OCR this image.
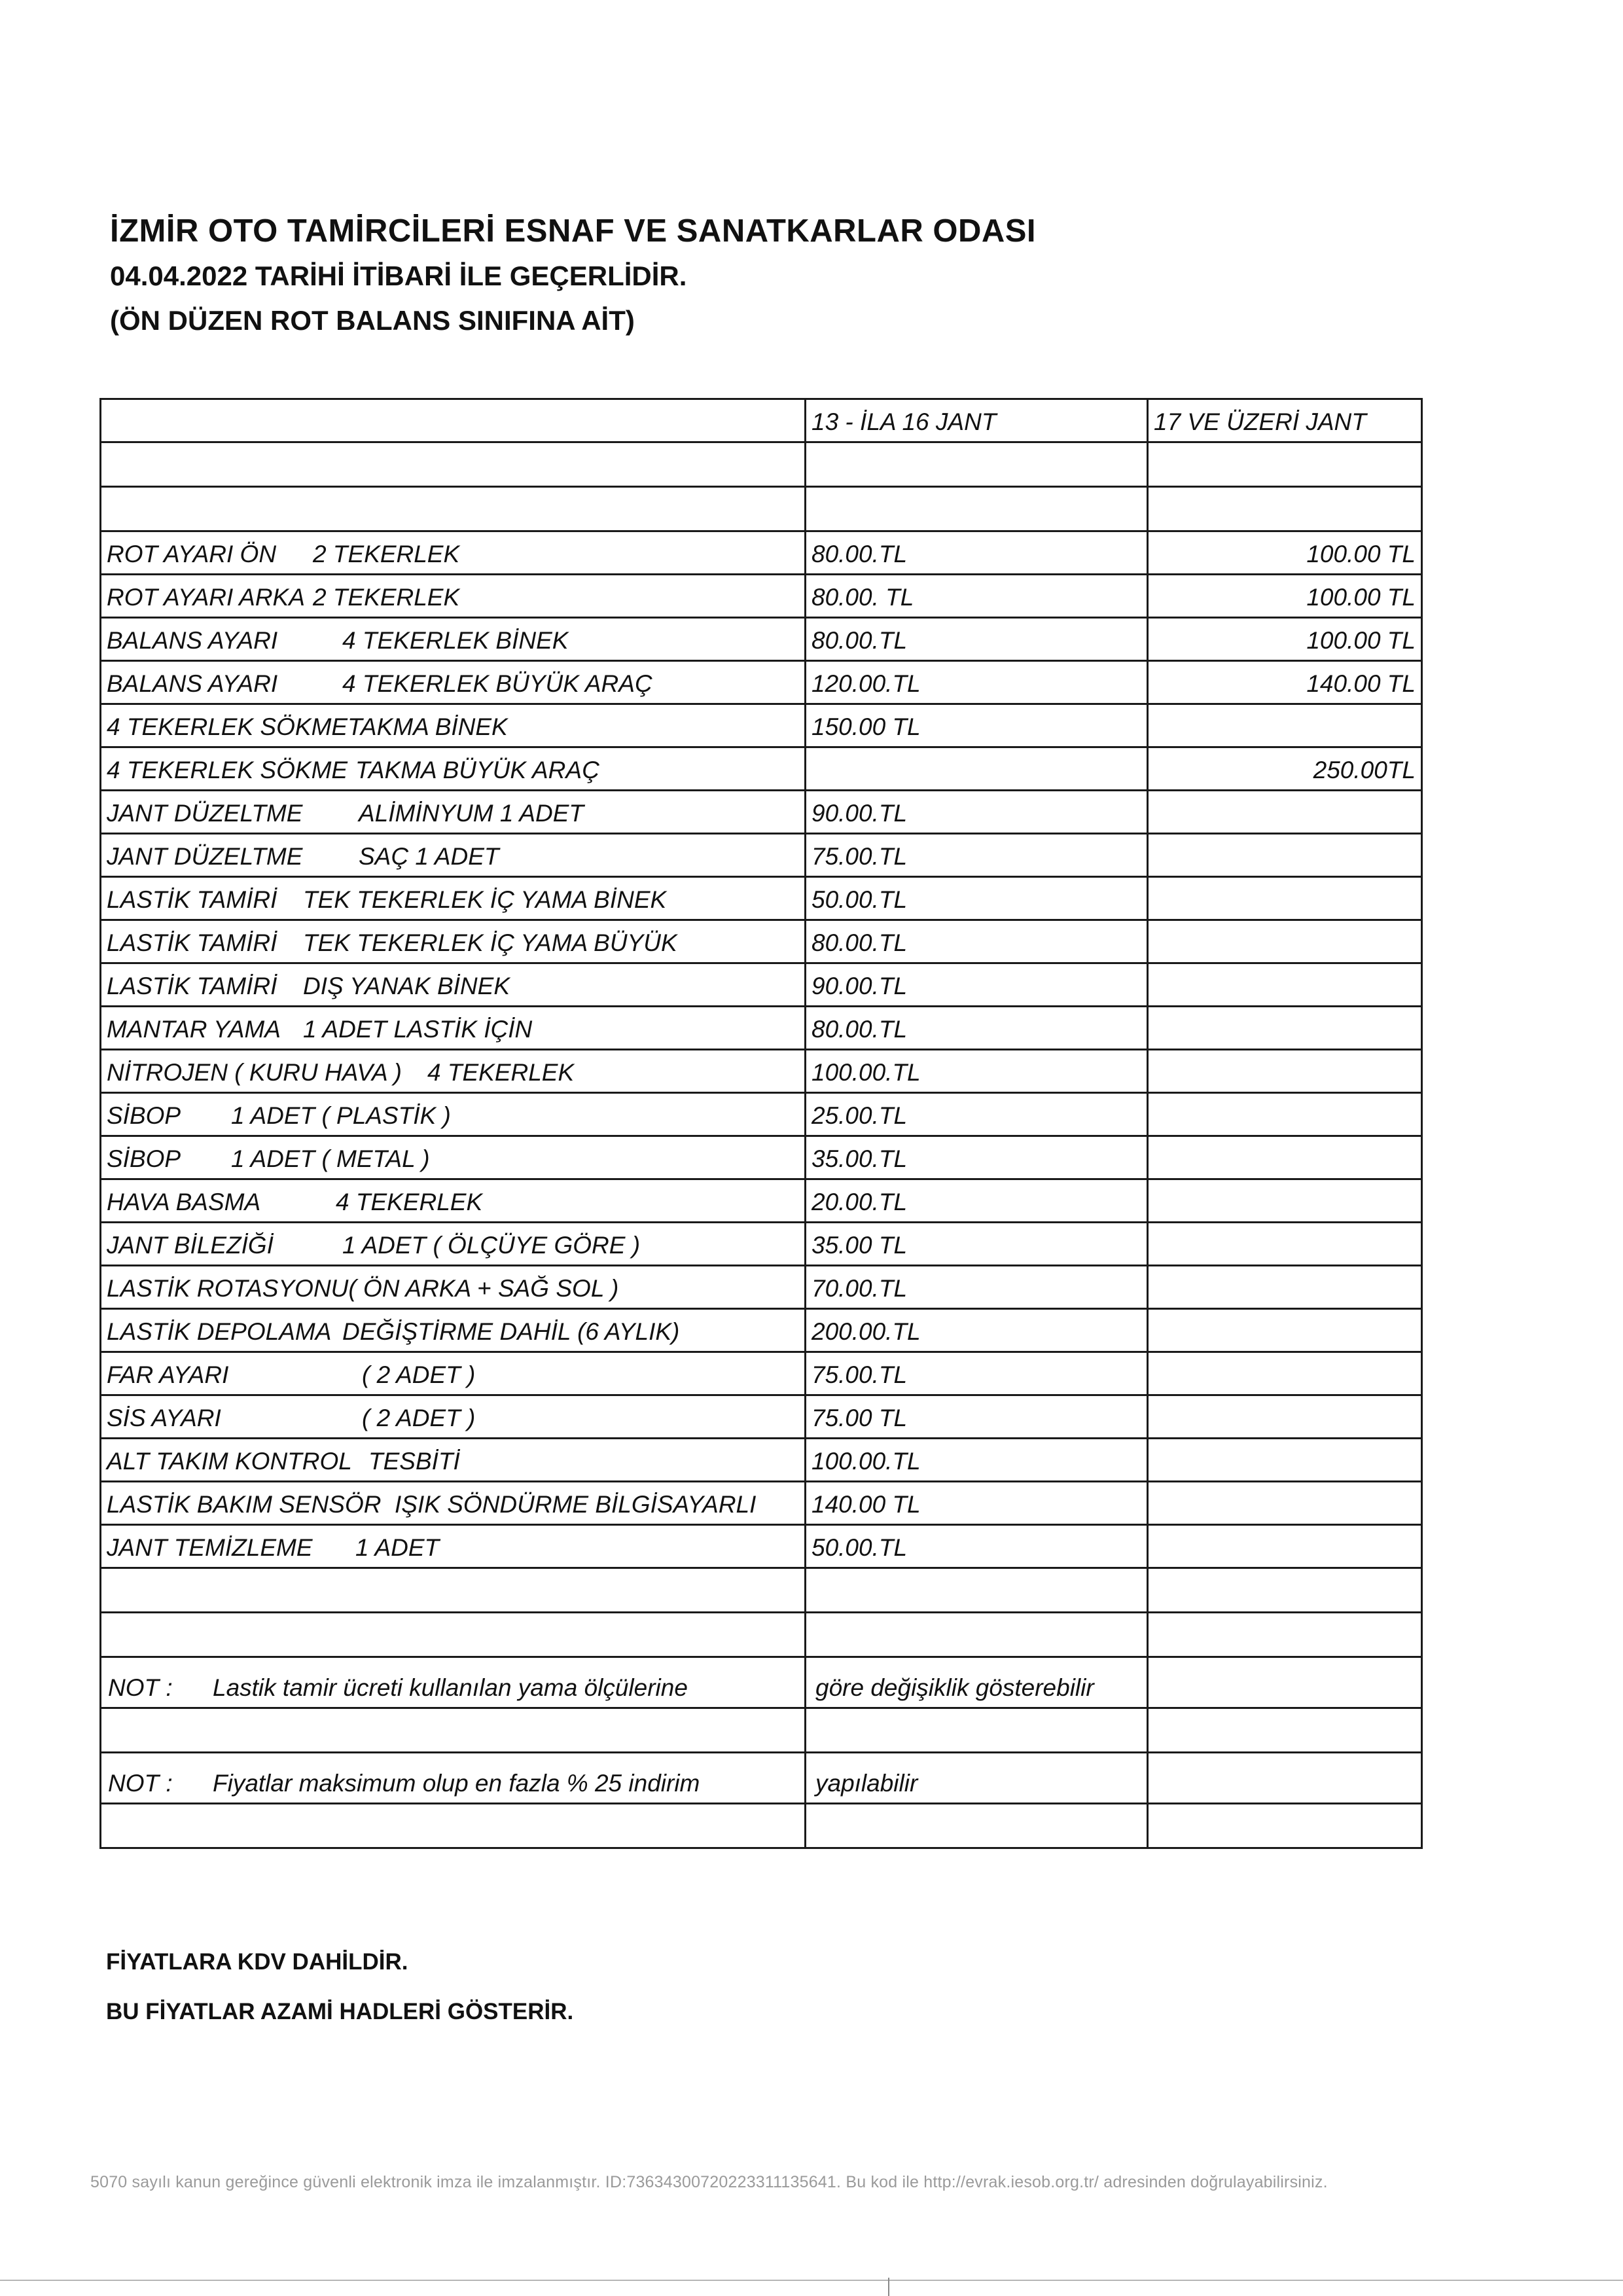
İZMİR OTO TAMİRCİLERİ ESNAF VE SANATKARLAR ODASI
04.04.2022 TARİHİ İTİBARİ İLE GEÇERLİDİR.
(ÖN DÜZEN ROT BALANS SINIFINA AİT)
	13 - İLA 16 JANT	17 VE ÜZERİ JANT

ROT AYARI ÖN 2 TEKERLEK	80.00.TL	100.00 TL
ROT AYARI ARKA 2 TEKERLEK	80.00. TL	100.00 TL
BALANS AYARI 4 TEKERLEK BİNEK	80.00.TL	100.00 TL
BALANS AYARI 4 TEKERLEK BÜYÜK ARAÇ	120.00.TL	140.00 TL
4 TEKERLEK SÖKMETAKMA BİNEK	150.00 TL	
4 TEKERLEK SÖKME TAKMA BÜYÜK ARAÇ		250.00TL
JANT DÜZELTME ALİMİNYUM 1 ADET	90.00.TL	
JANT DÜZELTME SAÇ 1 ADET	75.00.TL	
LASTİK TAMİRİ TEK TEKERLEK İÇ YAMA BİNEK	50.00.TL	
LASTİK TAMİRİ TEK TEKERLEK İÇ YAMA BÜYÜK	80.00.TL	
LASTİK TAMİRİ DIŞ YANAK BİNEK	90.00.TL	
MANTAR YAMA 1 ADET LASTİK İÇİN	80.00.TL	
NİTROJEN ( KURU HAVA ) 4 TEKERLEK	100.00.TL	
SİBOP 1 ADET ( PLASTİK )	25.00.TL	
SİBOP 1 ADET ( METAL )	35.00.TL	
HAVA BASMA 4 TEKERLEK	20.00.TL	
JANT BİLEZİĞİ 1 ADET ( ÖLÇÜYE GÖRE )	35.00 TL	
LASTİK ROTASYONU( ÖN ARKA + SAĞ SOL )	70.00.TL	
LASTİK DEPOLAMA DEĞİŞTİRME DAHİL (6 AYLIK)	200.00.TL	
FAR AYARI ( 2 ADET )	75.00.TL	
SİS AYARI ( 2 ADET )	75.00 TL	
ALT TAKIM KONTROL TESBİTİ	100.00.TL	
LASTİK BAKIM SENSÖR IŞIK SÖNDÜRME BİLGİSAYARLI	140.00 TL	
JANT TEMİZLEME 1 ADET	50.00.TL	

NOT : Lastik tamir ücreti kullanılan yama ölçülerine	göre değişiklik gösterebilir	

NOT : Fiyatlar maksimum olup en fazla % 25 indirim	yapılabilir	

FİYATLARA KDV DAHİLDİR.
BU FİYATLAR AZAMİ HADLERİ GÖSTERİR.
5070 sayılı kanun gereğince güvenli elektronik imza ile imzalanmıştır. ID:73634300720223311135641. Bu kod ile http://evrak.iesob.org.tr/ adresinden doğrulayabilirsiniz.
